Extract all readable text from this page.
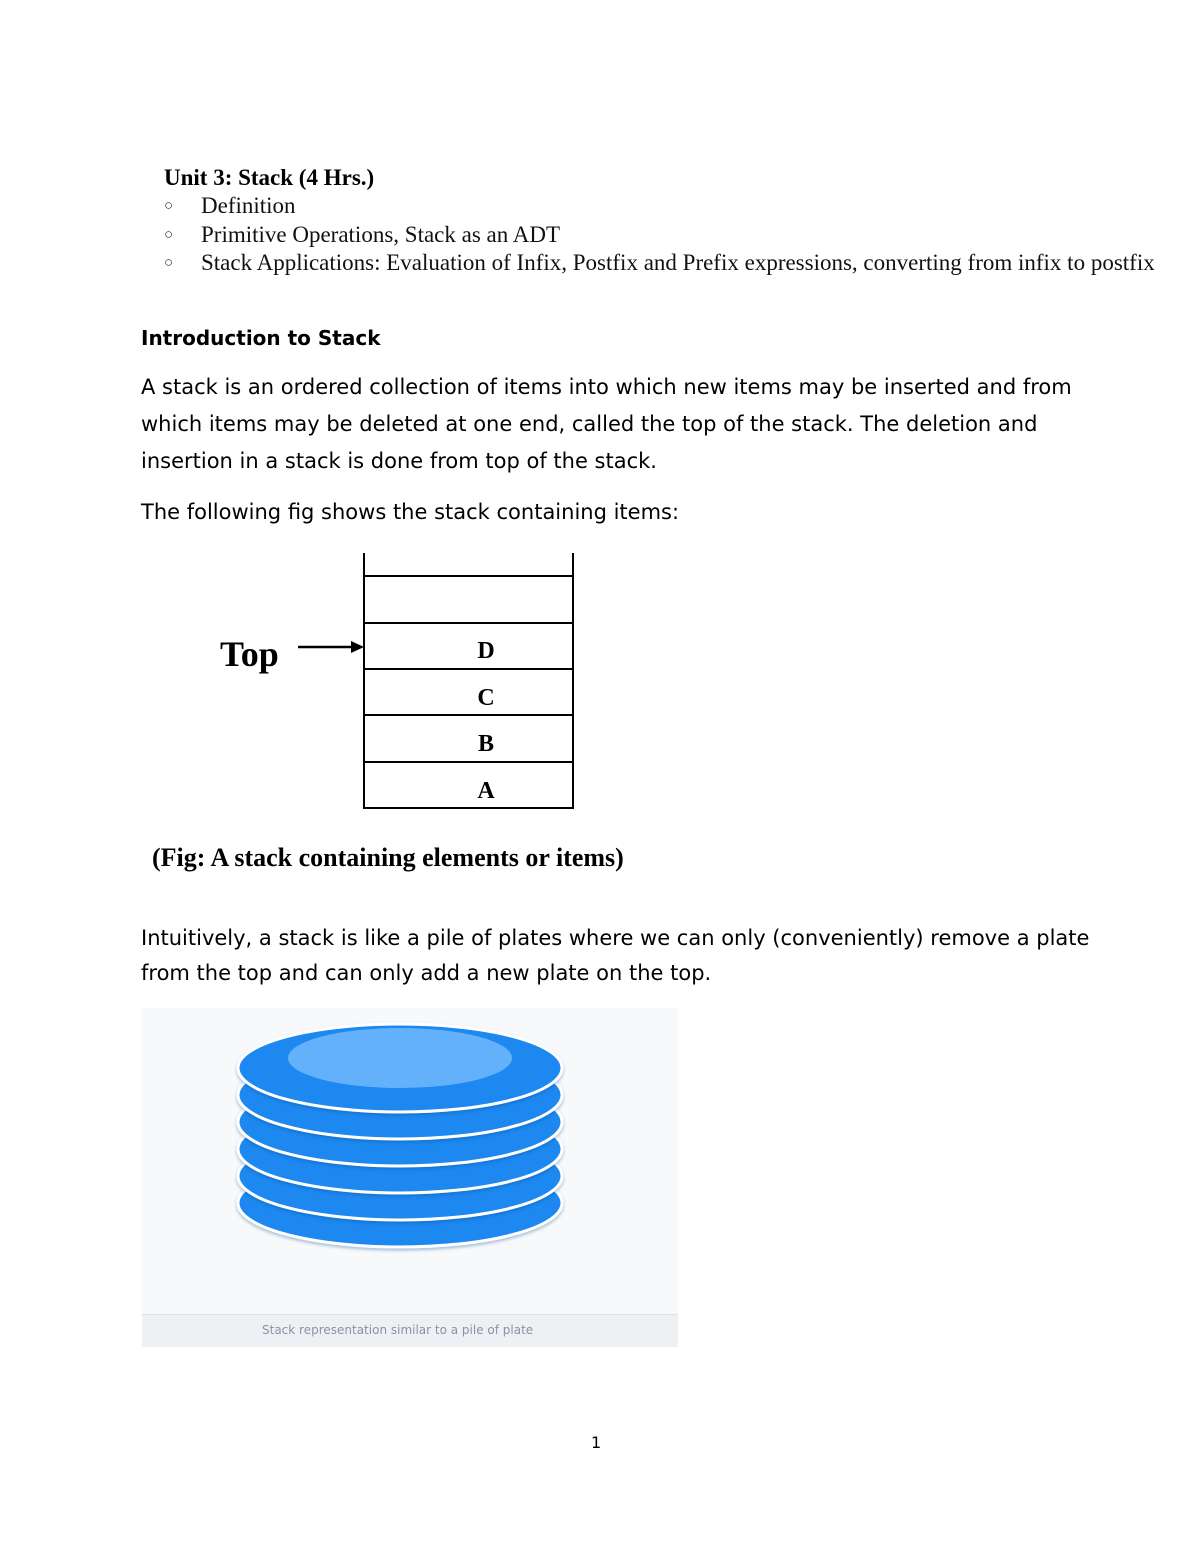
Unit 3: Stack (4 Hrs.)

○ Definition
○ Primitive Operations, Stack as an ADT
○ Stack Applications: Evaluation of Infix, Postfix and Prefix expressions, converting from infix to postfix
Introduction to Stack
A stack is an ordered collection of items into which new items may be inserted and from which items may be deleted at one end, called the top of the stack. The deletion and insertion in a stack is done from top of the stack.
The following fig shows the stack containing items:
D
C
B
A
Top
(Fig: A stack containing elements or items)
Intuitively, a stack is like a pile of plates where we can only (conveniently) remove a plate from the top and can only add a new plate on the top.
Stack representation similar to a pile of plate
1
